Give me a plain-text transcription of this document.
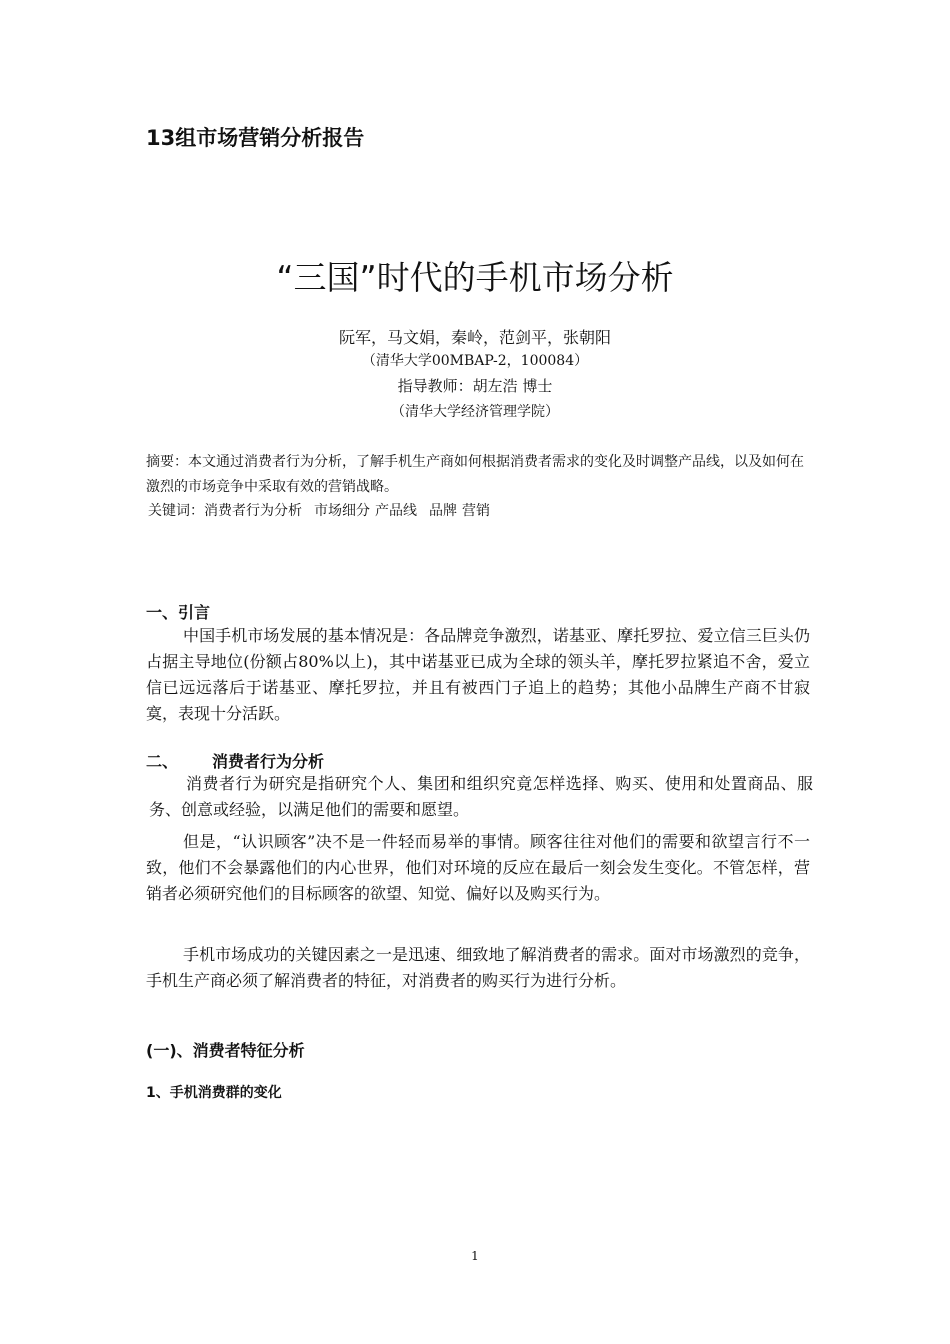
13组市场营销分析报告
“三国”时代的手机市场分析
阮军，马文娟，秦岭，范剑平，张朝阳
（清华大学00MBAP-2，100084）
指导教师：胡左浩 博士
（清华大学经济管理学院）
摘要：本文通过消费者行为分析，了解手机生产商如何根据消费者需求的变化及时调整产品线，以及如何在激烈的市场竞争中采取有效的营销战略。
关键词：消费者行为分析 市场细分 产品线 品牌 营销
一、引言
中国手机市场发展的基本情况是：各品牌竞争激烈，诺基亚、摩托罗拉、爱立信三巨头仍占据主导地位(份额占80%以上)，其中诺基亚已成为全球的领头羊，摩托罗拉紧追不舍，爱立信已远远落后于诺基亚、摩托罗拉，并且有被西门子追上的趋势；其他小品牌生产商不甘寂寞，表现十分活跃。
二、 消费者行为分析
消费者行为研究是指研究个人、集团和组织究竟怎样选择、购买、使用和处置商品、服务、创意或经验，以满足他们的需要和愿望。
但是，“认识顾客”决不是一件轻而易举的事情。顾客往往对他们的需要和欲望言行不一致，他们不会暴露他们的内心世界，他们对环境的反应在最后一刻会发生变化。不管怎样，营销者必须研究他们的目标顾客的欲望、知觉、偏好以及购买行为。
手机市场成功的关键因素之一是迅速、细致地了解消费者的需求。面对市场激烈的竞争，手机生产商必须了解消费者的特征，对消费者的购买行为进行分析。
(一)、消费者特征分析
1、手机消费群的变化
1
